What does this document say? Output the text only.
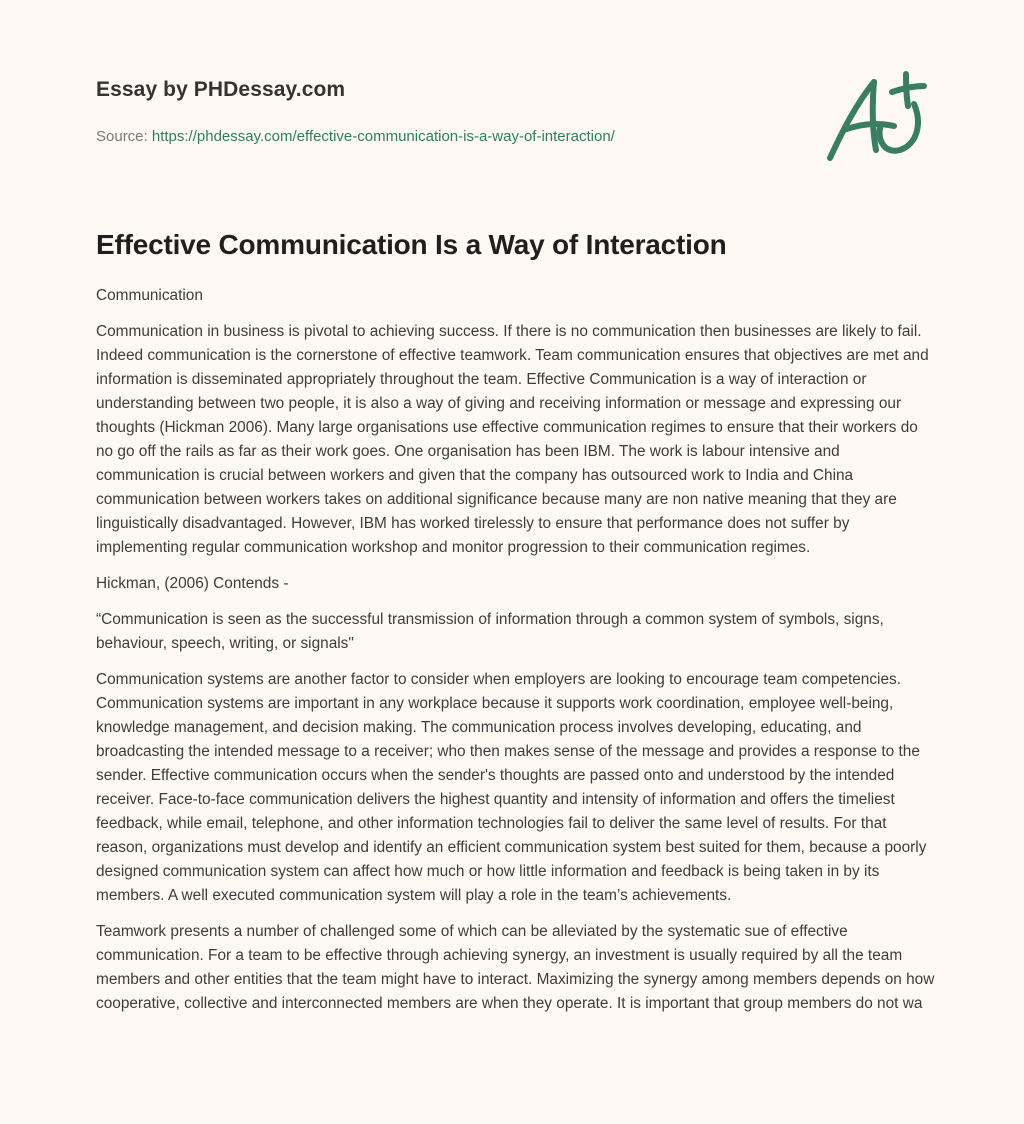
Essay by PHDessay.com
Source: https://phdessay.com/effective-communication-is-a-way-of-interaction/
Effective Communication Is a Way of Interaction

Communication

Communication in business is pivotal to achieving success. If there is no communication then businesses are likely to fail. Indeed communication is the cornerstone of effective teamwork. Team communication ensures that objectives are met and information is disseminated appropriately throughout the team. Effective Communication is a way of interaction or understanding between two people, it is also a way of giving and receiving information or message and expressing our thoughts (Hickman 2006). Many large organisations use effective communication regimes to ensure that their workers do no go off the rails as far as their work goes. One organisation has been IBM. The work is labour intensive and communication is crucial between workers and given that the company has outsourced work to India and China communication between workers takes on additional significance because many are non native meaning that they are linguistically disadvantaged. However, IBM has worked tirelessly to ensure that performance does not suffer by implementing regular communication workshop and monitor progression to their communication regimes.

Hickman, (2006) Contends -

“Communication is seen as the successful transmission of information through a common system of symbols, signs, behaviour, speech, writing, or signals"

Communication systems are another factor to consider when employers are looking to encourage team competencies. Communication systems are important in any workplace because it supports work coordination, employee well-being, knowledge management, and decision making. The communication process involves developing, educating, and broadcasting the intended message to a receiver; who then makes sense of the message and provides a response to the sender. Effective communication occurs when the sender's thoughts are passed onto and understood by the intended receiver. Face-to-face communication delivers the highest quantity and intensity of information and offers the timeliest feedback, while email, telephone, and other information technologies fail to deliver the same level of results. For that reason, organizations must develop and identify an efficient communication system best suited for them, because a poorly designed communication system can affect how much or how little information and feedback is being taken in by its members. A well executed communication system will play a role in the team’s achievements.

Teamwork presents a number of challenged some of which can be alleviated by the systematic sue of effective communication. For a team to be effective through achieving synergy, an investment is usually required by all the team members and other entities that the team might have to interact. Maximizing the synergy among members depends on how cooperative, collective and interconnected members are when they operate. It is important that group members do not wa
